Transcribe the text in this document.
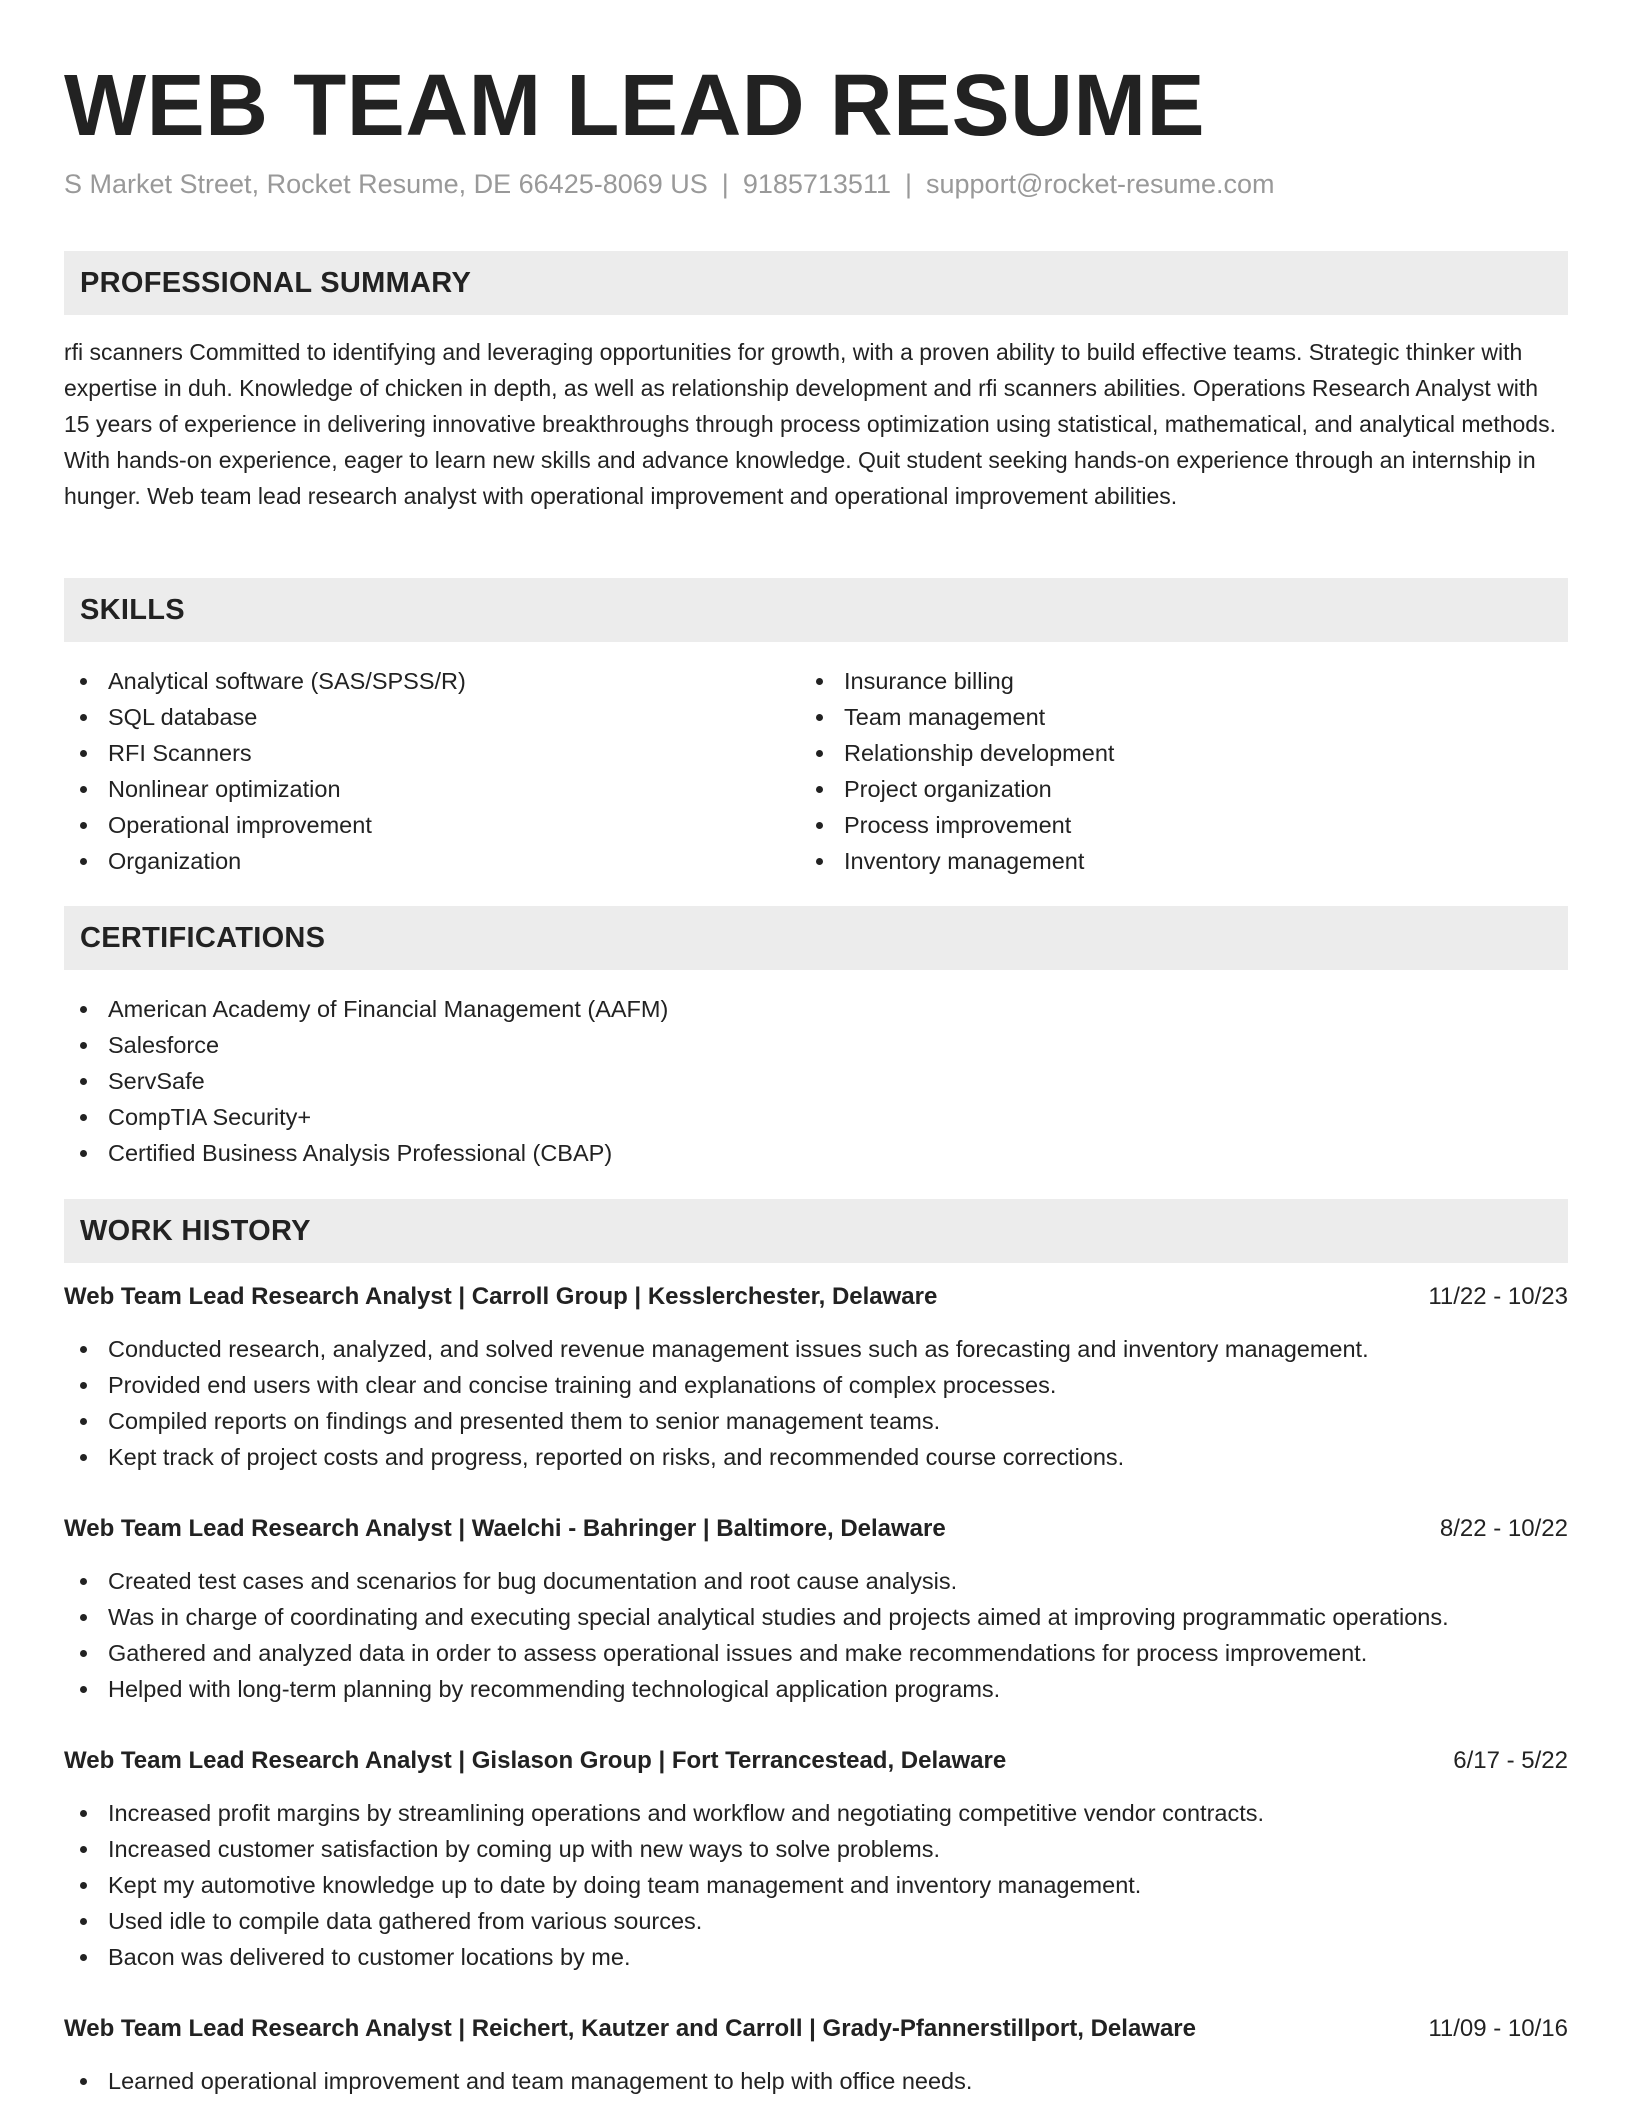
WEB TEAM LEAD RESUME
S Market Street, Rocket Resume, DE 66425-8069 US | 9185713511 | support@rocket-resume.com
PROFESSIONAL SUMMARY

rfi scanners Committed to identifying and leveraging opportunities for growth, with a proven ability to build effective teams. Strategic thinker with expertise in duh. Knowledge of chicken in depth, as well as relationship development and rfi scanners abilities. Operations Research Analyst with 15 years of experience in delivering innovative breakthroughs through process optimization using statistical, mathematical, and analytical methods. With hands-on experience, eager to learn new skills and advance knowledge. Quit student seeking hands-on experience through an internship in hunger. Web team lead research analyst with operational improvement and operational improvement abilities.

SKILLS
Analytical software (SAS/SPSS/R)
SQL database
RFI Scanners
Nonlinear optimization
Operational improvement
Organization
Insurance billing
Team management
Relationship development
Project organization
Process improvement
Inventory management
CERTIFICATIONS
American Academy of Financial Management (AAFM)
Salesforce
ServSafe
CompTIA Security+
Certified Business Analysis Professional (CBAP)
WORK HISTORY
Web Team Lead Research Analyst | Carroll Group | Kesslerchester, Delaware	11/22 - 10/23
Conducted research, analyzed, and solved revenue management issues such as forecasting and inventory management.
Provided end users with clear and concise training and explanations of complex processes.
Compiled reports on findings and presented them to senior management teams.
Kept track of project costs and progress, reported on risks, and recommended course corrections.
Web Team Lead Research Analyst | Waelchi - Bahringer | Baltimore, Delaware	8/22 - 10/22
Created test cases and scenarios for bug documentation and root cause analysis.
Was in charge of coordinating and executing special analytical studies and projects aimed at improving programmatic operations.
Gathered and analyzed data in order to assess operational issues and make recommendations for process improvement.
Helped with long-term planning by recommending technological application programs.
Web Team Lead Research Analyst | Gislason Group | Fort Terrancestead, Delaware	6/17 - 5/22
Increased profit margins by streamlining operations and workflow and negotiating competitive vendor contracts.
Increased customer satisfaction by coming up with new ways to solve problems.
Kept my automotive knowledge up to date by doing team management and inventory management.
Used idle to compile data gathered from various sources.
Bacon was delivered to customer locations by me.
Web Team Lead Research Analyst | Reichert, Kautzer and Carroll | Grady-Pfannerstillport, Delaware	11/09 - 10/16
Learned operational improvement and team management to help with office needs.
